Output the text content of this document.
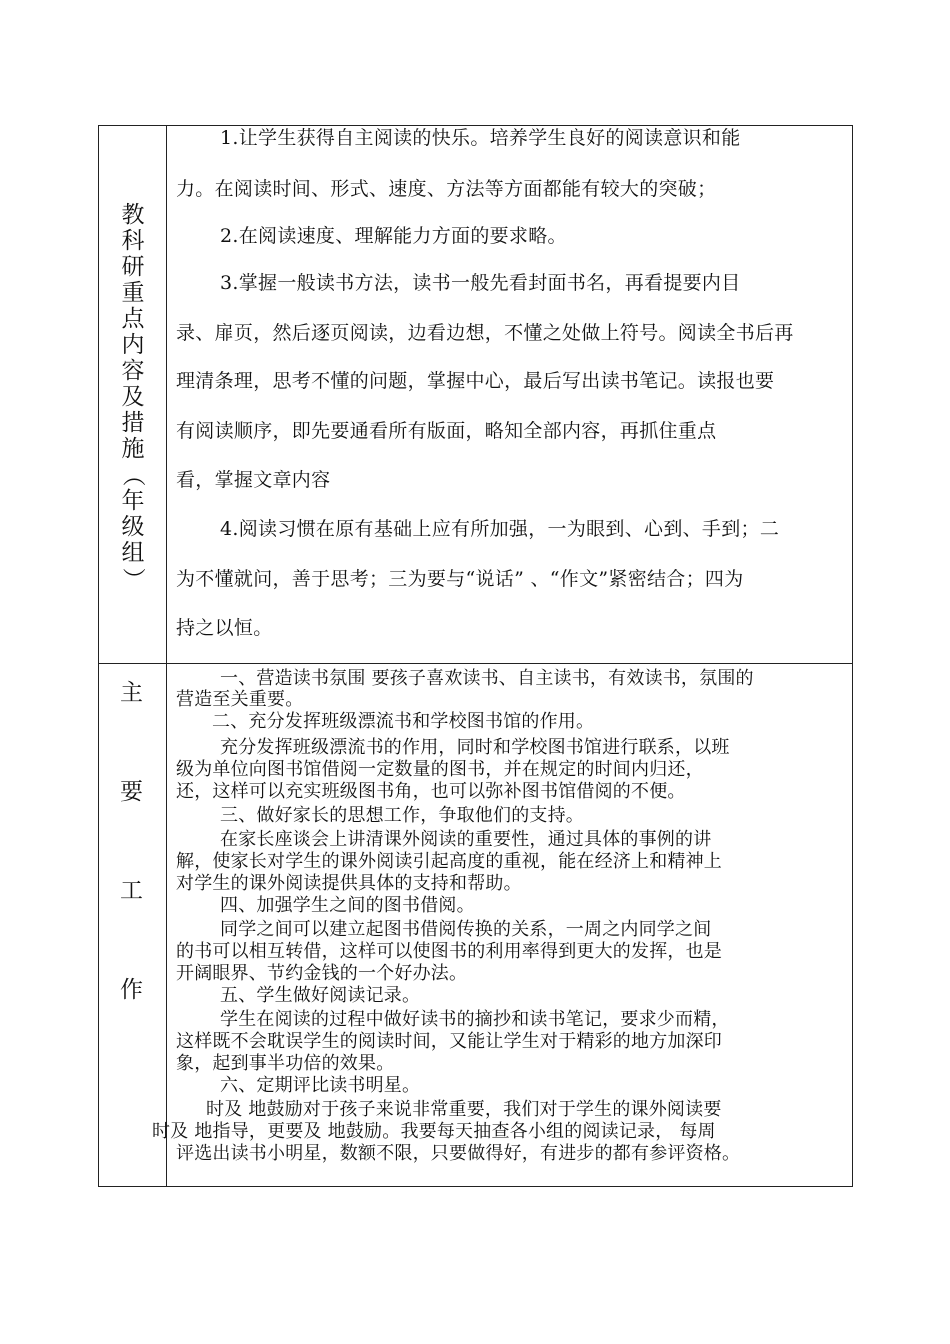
教
科
研
重
点
内
容
及
措
施
（
年
级
组
）
1.让学生获得自主阅读的快乐。培养学生良好的阅读意识和能
力。在阅读时间、形式、速度、方法等方面都能有较大的突破；
2.在阅读速度、理解能力方面的要求略。
3.掌握一般读书方法，读书一般先看封面书名，再看提要内目
录、扉页，然后逐页阅读，边看边想，不懂之处做上符号。阅读全书后再
理清条理，思考不懂的问题，掌握中心，最后写出读书笔记。读报也要
有阅读顺序，即先要通看所有版面，略知全部内容，再抓住重点
看，掌握文章内容
4.阅读习惯在原有基础上应有所加强，一为眼到、心到、手到；二
为不懂就问，善于思考；三为要与“说话” 、“作文”紧密结合；四为
持之以恒。
主
要
工
作
一、营造读书氛围 要孩子喜欢读书、自主读书，有效读书，氛围的
营造至关重要。
二、充分发挥班级漂流书和学校图书馆的作用。
充分发挥班级漂流书的作用，同时和学校图书馆进行联系，以班
级为单位向图书馆借阅一定数量的图书，并在规定的时间内归还，
还，这样可以充实班级图书角，也可以弥补图书馆借阅的不便。
三、做好家长的思想工作，争取他们的支持。
在家长座谈会上讲清课外阅读的重要性，通过具体的事例的讲
解，使家长对学生的课外阅读引起高度的重视，能在经济上和精神上
对学生的课外阅读提供具体的支持和帮助。
四、加强学生之间的图书借阅。
同学之间可以建立起图书借阅传换的关系，一周之内同学之间
的书可以相互转借，这样可以使图书的利用率得到更大的发挥，也是
开阔眼界、节约金钱的一个好办法。
五、学生做好阅读记录。
学生在阅读的过程中做好读书的摘抄和读书笔记，要求少而精，
这样既不会耽误学生的阅读时间，又能让学生对于精彩的地方加深印
象，起到事半功倍的效果。
六、定期评比读书明星。
时及 地鼓励对于孩子来说非常重要，我们对于学生的课外阅读要
时及 地指导，更要及 地鼓励。我要每天抽查各小组的阅读记录， 每周
评选出读书小明星，数额不限，只要做得好，有进步的都有参评资格。
